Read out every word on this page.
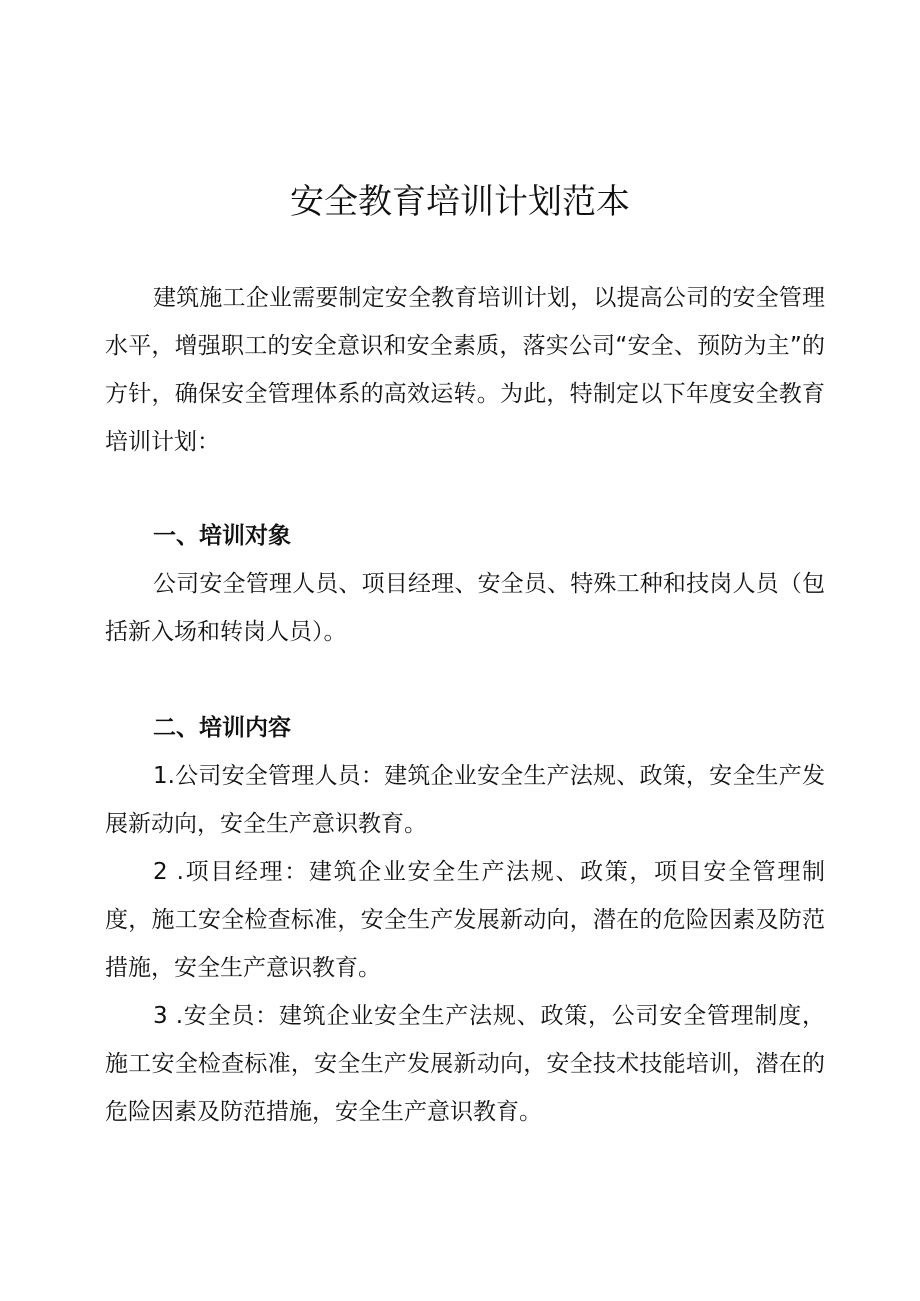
安全教育培训计划范本

建筑施工企业需要制定安全教育培训计划，以提高公司的安全管理水平，增强职工的安全意识和安全素质，落实公司“安全、预防为主”的方针，确保安全管理体系的高效运转。为此，特制定以下年度安全教育培训计划：

一、培训对象

公司安全管理人员、项目经理、安全员、特殊工种和技岗人员（包括新入场和转岗人员）。

二、培训内容

1.公司安全管理人员：建筑企业安全生产法规、政策，安全生产发展新动向，安全生产意识教育。

2 .项目经理：建筑企业安全生产法规、政策，项目安全管理制度，施工安全检查标准，安全生产发展新动向，潜在的危险因素及防范措施，安全生产意识教育。

3 .安全员：建筑企业安全生产法规、政策，公司安全管理制度，施工安全检查标准，安全生产发展新动向，安全技术技能培训，潜在的危险因素及防范措施，安全生产意识教育。
